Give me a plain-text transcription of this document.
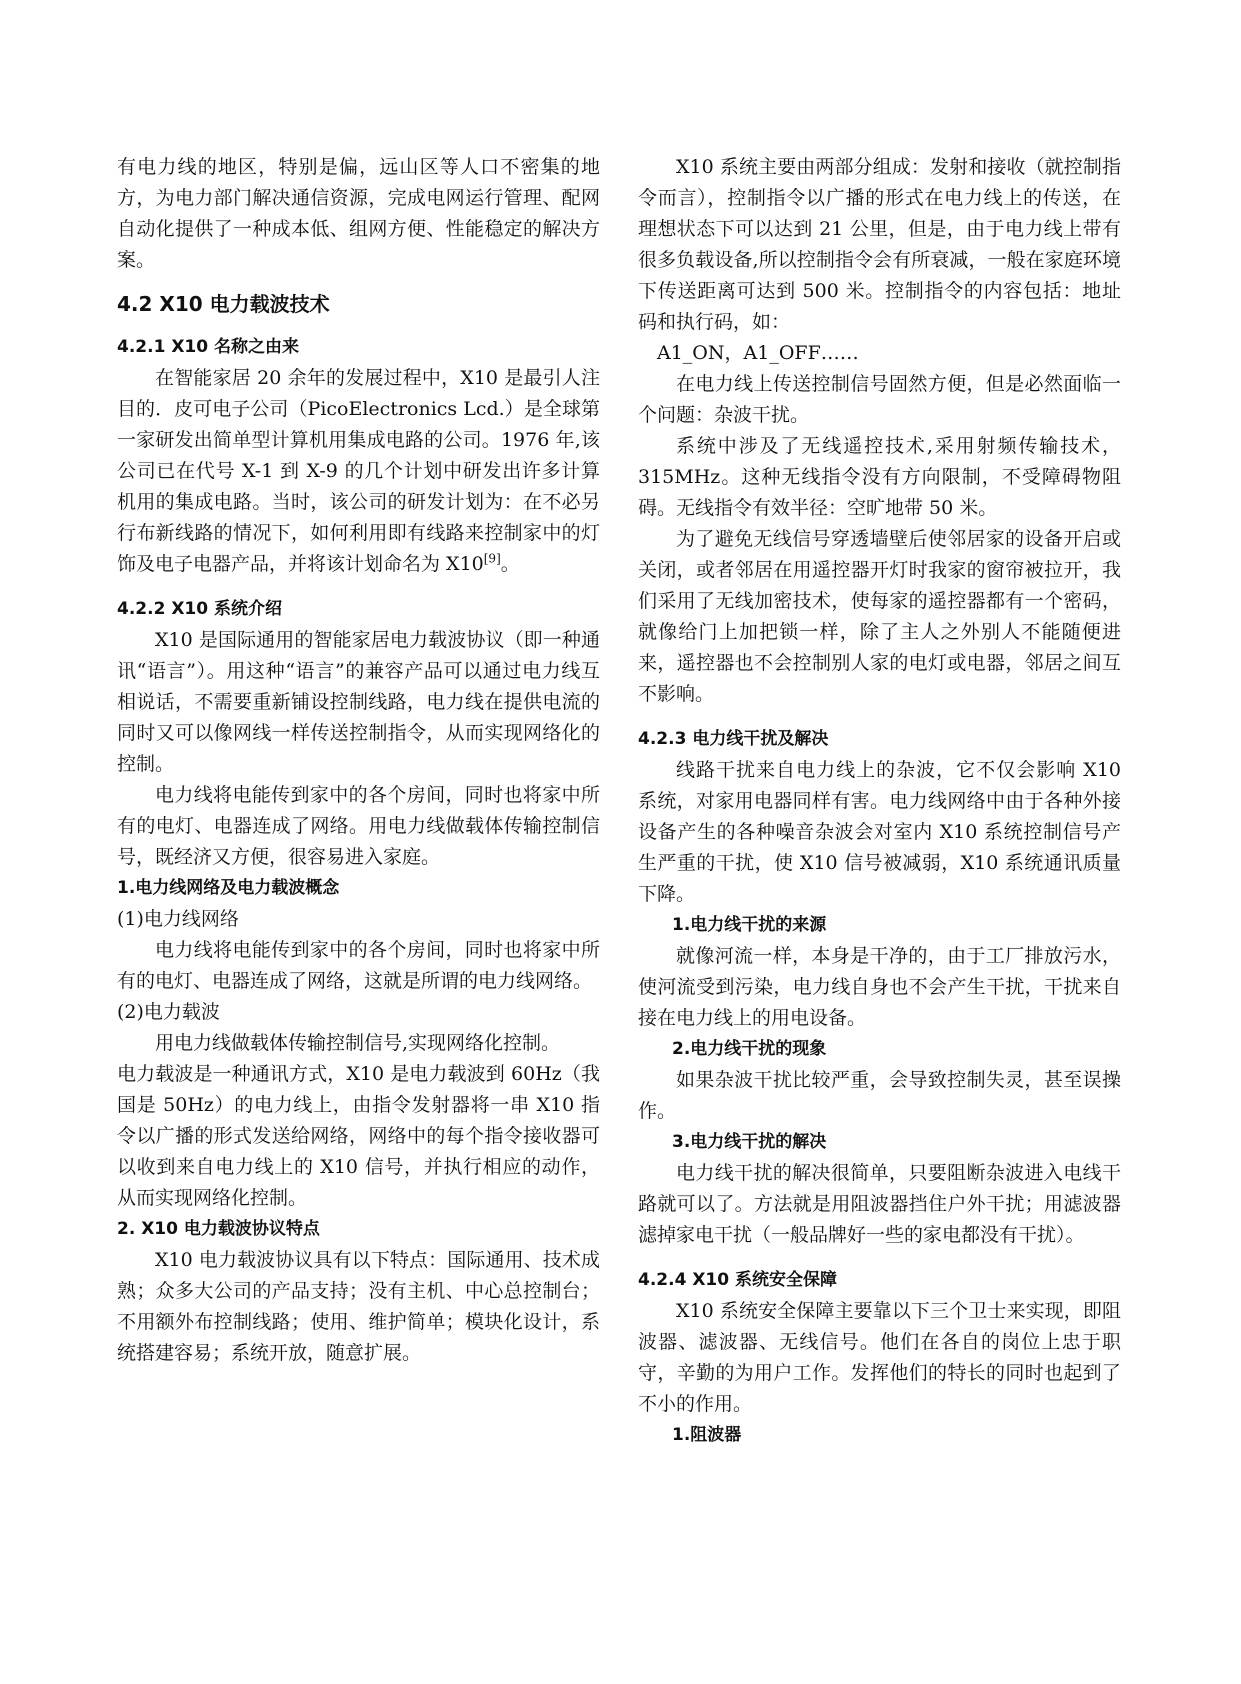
有电力线的地区，特别是偏，远山区等人口不密集的地方，为电力部门解决通信资源，完成电网运行管理、配网自动化提供了一种成本低、组网方便、性能稳定的解决方案。

4.2 X10 电力载波技术
4.2.1 X10 名称之由来

在智能家居 20 余年的发展过程中，X10 是最引人注目的．皮可电子公司（PicoElectronics Lcd.）是全球第一家研发出简单型计算机用集成电路的公司。1976 年,该公司已在代号 X-1 到 X-9 的几个计划中研发出许多计算机用的集成电路。当时，该公司的研发计划为：在不必另行布新线路的情况下，如何利用即有线路来控制家中的灯饰及电子电器产品，并将该计划命名为 X10[9]。

4.2.2 X10 系统介绍

X10 是国际通用的智能家居电力载波协议（即一种通讯“语言”）。用这种“语言”的兼容产品可以通过电力线互相说话，不需要重新铺设控制线路，电力线在提供电流的同时又可以像网线一样传送控制指令，从而实现网络化的控制。

电力线将电能传到家中的各个房间，同时也将家中所有的电灯、电器连成了网络。用电力线做载体传输控制信号，既经济又方便，很容易进入家庭。

1.电力线网络及电力载波概念

(1)电力线网络

电力线将电能传到家中的各个房间，同时也将家中所有的电灯、电器连成了网络，这就是所谓的电力线网络。

(2)电力载波

用电力线做载体传输控制信号,实现网络化控制。

电力载波是一种通讯方式，X10 是电力载波到 60Hz（我国是 50Hz）的电力线上，由指令发射器将一串 X10 指令以广播的形式发送给网络，网络中的每个指令接收器可以收到来自电力线上的 X10 信号，并执行相应的动作，从而实现网络化控制。

2. X10 电力载波协议特点

X10 电力载波协议具有以下特点：国际通用、技术成熟；众多大公司的产品支持；没有主机、中心总控制台；不用额外布控制线路；使用、维护简单；模块化设计，系统搭建容易；系统开放，随意扩展。

X10 系统主要由两部分组成：发射和接收（就控制指令而言），控制指令以广播的形式在电力线上的传送，在理想状态下可以达到 21 公里，但是，由于电力线上带有很多负载设备,所以控制指令会有所衰减，一般在家庭环境下传送距离可达到 500 米。控制指令的内容包括：地址码和执行码，如：

A1_ON，A1_OFF……

在电力线上传送控制信号固然方便，但是必然面临一个问题：杂波干扰。

系统中涉及了无线遥控技术,采用射频传输技术，315MHz。这种无线指令没有方向限制，不受障碍物阻碍。无线指令有效半径：空旷地带 50 米。

为了避免无线信号穿透墙壁后使邻居家的设备开启或关闭，或者邻居在用遥控器开灯时我家的窗帘被拉开，我们采用了无线加密技术，使每家的遥控器都有一个密码，就像给门上加把锁一样，除了主人之外别人不能随便进来，遥控器也不会控制别人家的电灯或电器，邻居之间互不影响。

4.2.3 电力线干扰及解决

线路干扰来自电力线上的杂波，它不仅会影响 X10 系统，对家用电器同样有害。电力线网络中由于各种外接设备产生的各种噪音杂波会对室内 X10 系统控制信号产生严重的干扰，使 X10 信号被减弱，X10 系统通讯质量下降。

1.电力线干扰的来源

就像河流一样，本身是干净的，由于工厂排放污水，使河流受到污染，电力线自身也不会产生干扰，干扰来自接在电力线上的用电设备。

2.电力线干扰的现象

如果杂波干扰比较严重，会导致控制失灵，甚至误操作。

3.电力线干扰的解决

电力线干扰的解决很简单，只要阻断杂波进入电线干路就可以了。方法就是用阻波器挡住户外干扰；用滤波器滤掉家电干扰（一般品牌好一些的家电都没有干扰）。

4.2.4 X10 系统安全保障

X10 系统安全保障主要靠以下三个卫士来实现，即阻波器、滤波器、无线信号。他们在各自的岗位上忠于职守，辛勤的为用户工作。发挥他们的特长的同时也起到了不小的作用。

1.阻波器
